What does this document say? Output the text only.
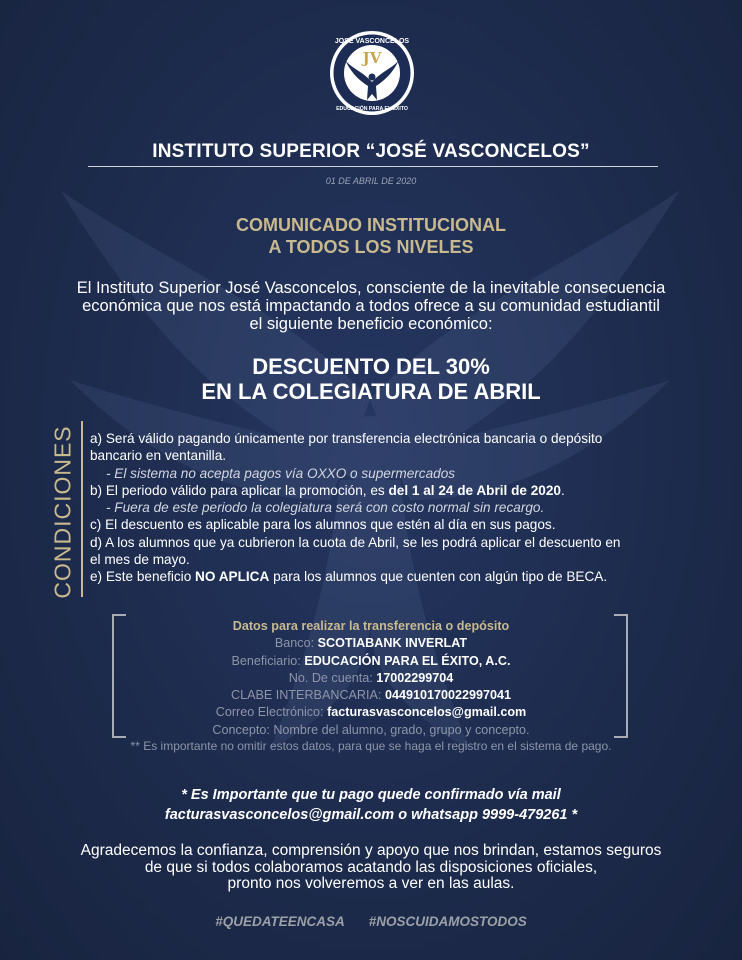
JV
JOSÉ VASCONCELOS
EDUCACIÓN PARA EL ÉXITO
INSTITUTO SUPERIOR “JOSÉ VASCONCELOS”
01 DE ABRIL DE 2020
COMUNICADO INSTITUCIONAL
A TODOS LOS NIVELES
El Instituto Superior José Vasconcelos, consciente de la inevitable consecuencia
económica que nos está impactando a todos ofrece a su comunidad estudiantil
el siguiente beneficio económico:
DESCUENTO DEL 30%
EN LA COLEGIATURA DE ABRIL
CONDICIONES a) Será válido pagando únicamente por transferencia electrónica bancaria o depósito
bancario en ventanilla.
- El sistema no acepta pagos vía OXXO o supermercados
b) El periodo válido para aplicar la promoción, es del 1 al 24 de Abril de 2020.
- Fuera de este periodo la colegiatura será con costo normal sin recargo.
c) El descuento es aplicable para los alumnos que estén al día en sus pagos.
d) A los alumnos que ya cubrieron la cuota de Abril, se les podrá aplicar el descuento en
el mes de mayo.
e) Este beneficio NO APLICA para los alumnos que cuenten con algún tipo de BECA.
Datos para realizar la transferencia o depósito
Banco: SCOTIABANK INVERLAT
Beneficiario: EDUCACIÓN PARA EL ÉXITO, A.C.
No. De cuenta: 17002299704
CLABE INTERBANCARIA: 044910170022997041
Correo Electrónico: facturasvasconcelos@gmail.com
Concepto: Nombre del alumno, grado, grupo y concepto.
** Es importante no omitir estos datos, para que se haga el registro en el sistema de pago.
* Es Importante que tu pago quede confirmado vía mail
facturasvasconcelos@gmail.com o whatsapp 9999-479261 *
Agradecemos la confianza, comprensión y apoyo que nos brindan, estamos seguros
de que si todos colaboramos acatando las disposiciones oficiales,
pronto nos volveremos a ver en las aulas.
#QUEDATEENCASA #NOSCUIDAMOSTODOS
